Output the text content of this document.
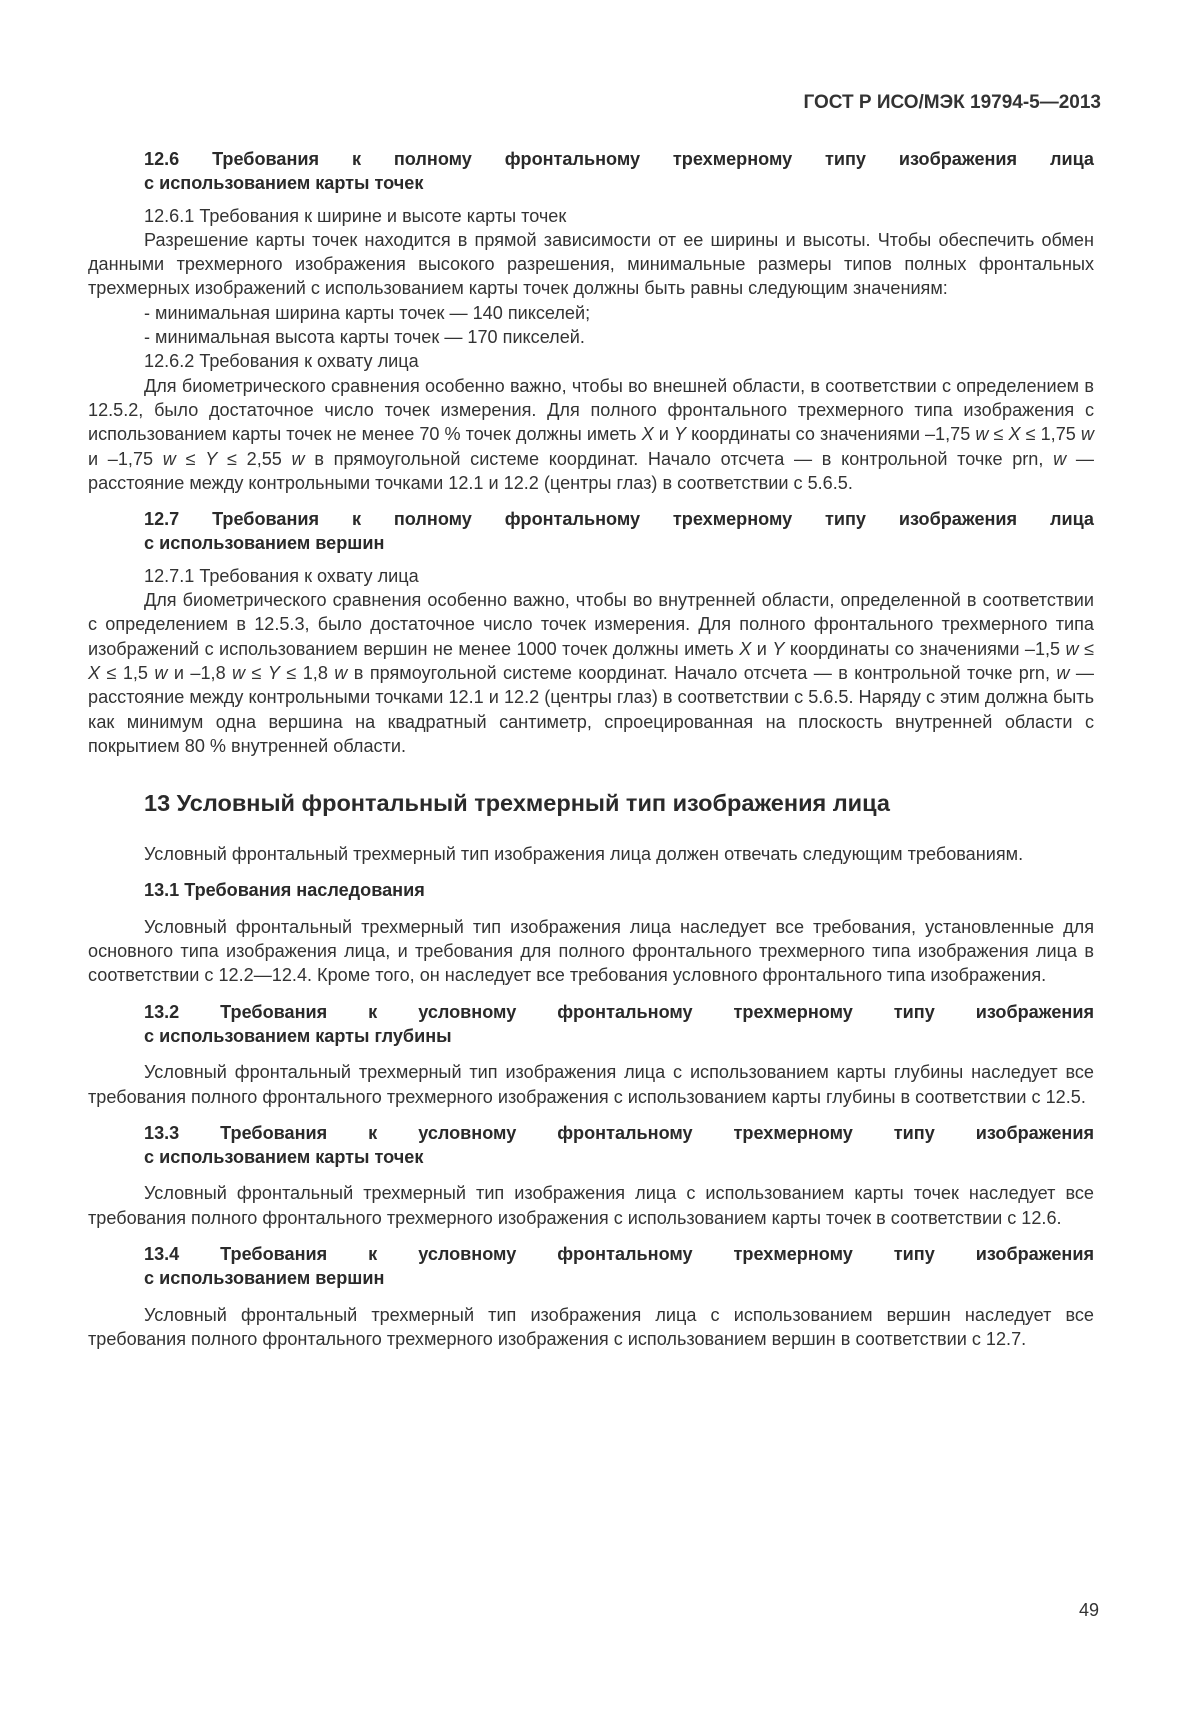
ГОСТ Р ИСО/МЭК 19794-5—2013

12.6 Требования к полному фронтальному трехмерному типу изображения лица
с использованием карты точек

12.6.1 Требования к ширине и высоте карты точек

Разрешение карты точек находится в прямой зависимости от ее ширины и высоты. Чтобы обеспечить обмен данными трехмерного изображения высокого разрешения, минимальные размеры типов полных фронтальных трехмерных изображений с использованием карты точек должны быть равны следующим значениям:

- минимальная ширина карты точек — 140 пикселей;

- минимальная высота карты точек — 170 пикселей.

12.6.2 Требования к охвату лица

Для биометрического сравнения особенно важно, чтобы во внешней области, в соответствии с определением в 12.5.2, было достаточное число точек измерения. Для полного фронтального трехмерного типа изображения с использованием карты точек не менее 70 % точек должны иметь X и Y координаты со значениями –1,75 w ≤ X ≤ 1,75 w и –1,75 w ≤ Y ≤ 2,55 w в прямоугольной системе координат. Начало отсчета — в контрольной точке prn, w — расстояние между контрольными точками 12.1 и 12.2 (центры глаз) в соответствии с 5.6.5.

12.7 Требования к полному фронтальному трехмерному типу изображения лица
с использованием вершин

12.7.1 Требования к охвату лица

Для биометрического сравнения особенно важно, чтобы во внутренней области, определенной в соответствии с определением в 12.5.3, было достаточное число точек измерения. Для полного фронтального трехмерного типа изображений с использованием вершин не менее 1000 точек должны иметь X и Y координаты со значениями –1,5 w ≤ X ≤ 1,5 w и –1,8 w ≤ Y ≤ 1,8 w в прямоугольной системе координат. Начало отсчета — в контрольной точке prn, w — расстояние между контрольными точками 12.1 и 12.2 (центры глаз) в соответствии с 5.6.5. Наряду с этим должна быть как минимум одна вершина на квадратный сантиметр, спроецированная на плоскость внутренней области с покрытием 80 % внутренней области.

13 Условный фронтальный трехмерный тип изображения лица

Условный фронтальный трехмерный тип изображения лица должен отвечать следующим требованиям.

13.1 Требования наследования

Условный фронтальный трехмерный тип изображения лица наследует все требования, установленные для основного типа изображения лица, и требования для полного фронтального трехмерного типа изображения лица в соответствии с 12.2—12.4. Кроме того, он наследует все требования условного фронтального типа изображения.

13.2 Требования к условному фронтальному трехмерному типу изображения
с использованием карты глубины

Условный фронтальный трехмерный тип изображения лица с использованием карты глубины наследует все требования полного фронтального трехмерного изображения с использованием карты глубины в соответствии с 12.5.

13.3 Требования к условному фронтальному трехмерному типу изображения
с использованием карты точек

Условный фронтальный трехмерный тип изображения лица с использованием карты точек наследует все требования полного фронтального трехмерного изображения с использованием карты точек в соответствии с 12.6.

13.4 Требования к условному фронтальному трехмерному типу изображения
с использованием вершин

Условный фронтальный трехмерный тип изображения лица с использованием вершин наследует все требования полного фронтального трехмерного изображения с использованием вершин в соответствии с 12.7.

49
